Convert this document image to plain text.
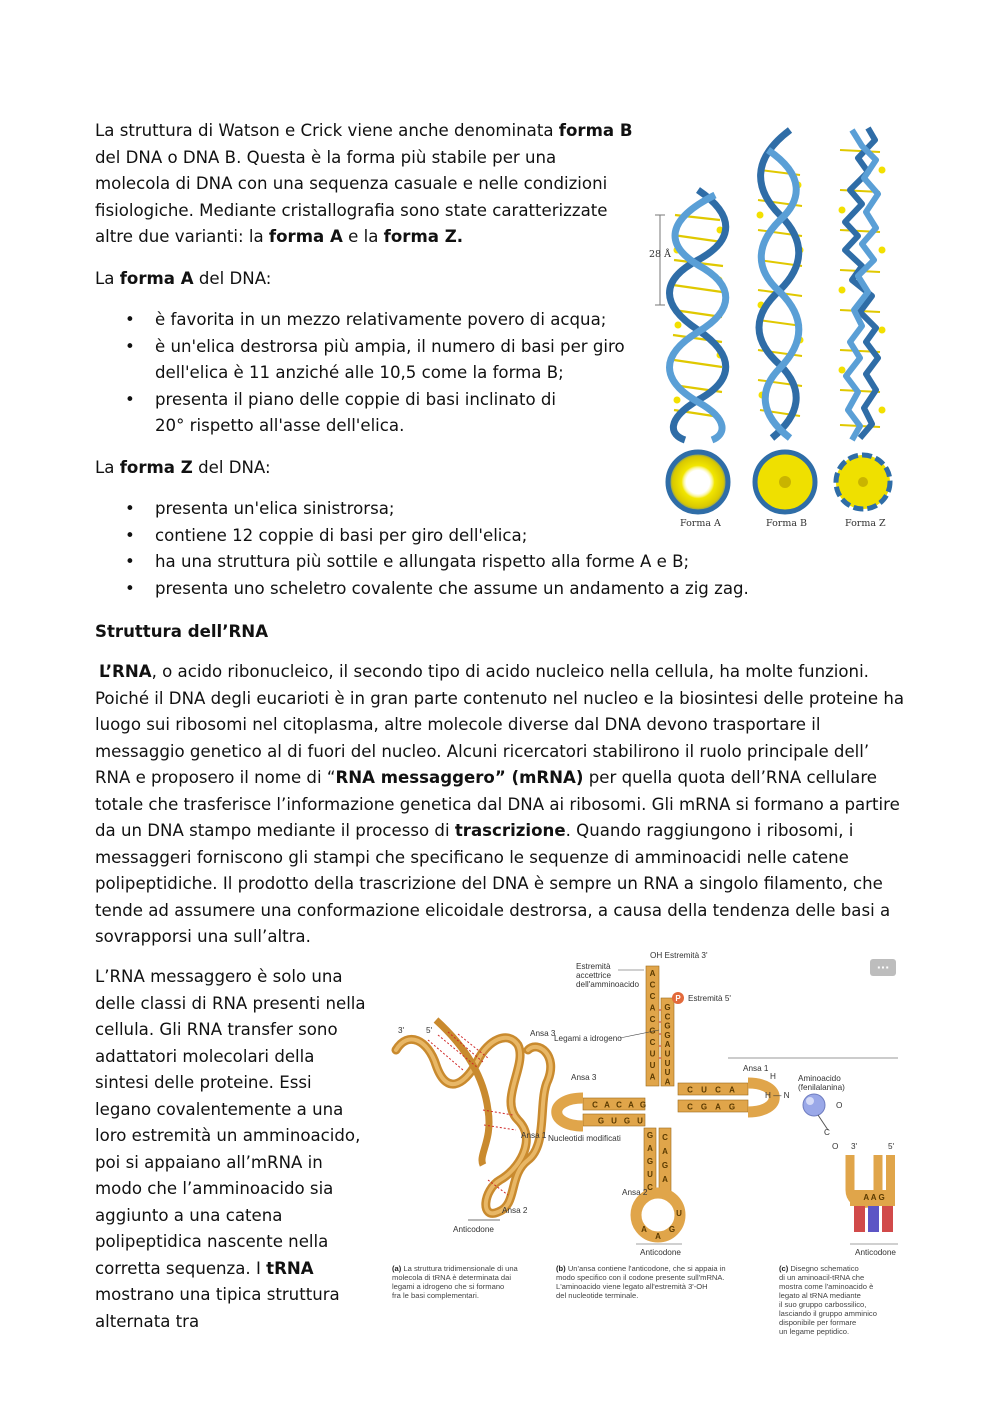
La struttura di Watson e Crick viene anche denominata forma B del DNA o DNA B. Questa è la forma più stabile per una molecola di DNA con una sequenza casuale e nelle condizioni fisiologiche. Mediante cristallografia sono state caratterizzate altre due varianti: la forma A e la forma Z.

La forma A del DNA:

• è favorita in un mezzo relativamente povero di acqua;
• è un'elica destrorsa più ampia, il numero di basi per giro dell'elica è 11 anziché alle 10,5 come la forma B;
• presenta il piano delle coppie di basi inclinato di 20° rispetto all'asse dell'elica.

La forma Z del DNA:

• presenta un'elica sinistrorsa;
• contiene 12 coppie di basi per giro dell'elica;
• ha una struttura più sottile e allungata rispetto alla forme A e B;
• presenta uno scheletro covalente che assume un andamento a zig zag.

Struttura dell’RNA

L’RNA, o acido ribonucleico, il secondo tipo di acido nucleico nella cellula, ha molte funzioni. Poiché il DNA degli eucarioti è in gran parte contenuto nel nucleo e la biosintesi delle proteine ha luogo sui ribosomi nel citoplasma, altre molecole diverse dal DNA devono trasportare il messaggio genetico al di fuori del nucleo. Alcuni ricercatori stabilirono il ruolo principale dell’ RNA e proposero il nome di “RNA messaggero” (mRNA) per quella quota dell’RNA cellulare totale che trasferisce l’informazione genetica dal DNA ai ribosomi. Gli mRNA si formano a partire da un DNA stampo mediante il processo di trascrizione. Quando raggiungono i ribosomi, i messaggeri forniscono gli stampi che specificano le sequenze di amminoacidi nelle catene polipeptidiche. Il prodotto della trascrizione del DNA è sempre un RNA a singolo filamento, che tende ad assumere una conformazione elicoidale destrorsa, a causa della tendenza delle basi a sovrapporsi una sull’altra.

L’RNA messaggero è solo una delle classi di RNA presenti nella cellula. Gli RNA transfer sono adattatori molecolari della sintesi delle proteine. Essi legano covalentemente a una loro estremità un amminoacido, poi si appaiano all’mRNA in modo che l’amminoacido sia aggiunto a una catena polipeptidica nascente nella corretta sequenza. I tRNA mostrano una tipica struttura alternata tra

28 Å
Forma A	Forma B	Forma Z
···
3'	5'	Ansa 3
Ansa 1
Ansa 2
Anticodone
P
A
C
C
A
C
G
C
U
U
A
G
C
G
G
A
U
U
U
A
C A C A G
G U G U
C U C A
C G A G
G
A
G
U
C
C
A
G
A
A
A
G
U
OH Estremità 3'
Estremità
accettrice
dell'amminoacido
Estremità 5'
Legami a idrogeno
Ansa 3
Ansa 1
Nucleotidi modificati
Ansa 2
Anticodone
Aminoacido
(fenilalanina)
H
H — N
O
C
O 3'	5'
A A G
Anticodone
(a) La struttura tridimensionale di una
molecola di tRNA è determinata dai
legami a idrogeno che si formano
fra le basi complementari.
(b) Un'ansa contiene l'anticodone, che si appaia in
modo specifico con il codone presente sull'mRNA.
L'aminoacido viene legato all'estremità 3'-OH
del nucleotide terminale.
(c) Disegno schematico
di un aminoacil-tRNA che
mostra come l'aminoacido è
legato al tRNA mediante
il suo gruppo carbossilico,
lasciando il gruppo amminico
disponibile per formare
un legame peptidico.
